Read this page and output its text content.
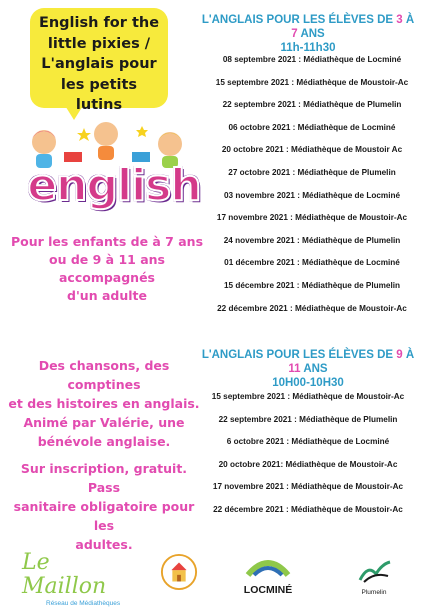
English for the
little pixies /
L'anglais pour
les petits lutins
english
Pour les enfants de à 7 ans
ou de 9 à 11 ans accompagnés
d'un adulte
Des chansons, des comptines
et des histoires en anglais.
Animé par Valérie, une
bénévole anglaise.
Sur inscription, gratuit. Pass
sanitaire obligatoire pour les
adultes.
L'ANGLAIS POUR LES ÉLÈVES DE 3 À 7 ANS
11h-11h30
08 septembre 2021 : Médiathèque de Locminé
15 septembre 2021 : Médiathèque de Moustoir-Ac
22 septembre 2021 : Médiathèque de Plumelin
06 octobre 2021 : Médiathèque de Locminé
20 octobre 2021 : Médiathèque de Moustoir Ac
27 octobre 2021 : Médiathèque de Plumelin
03 novembre 2021 : Médiathèque de Locminé
17 novembre 2021 : Médiathèque de Moustoir-Ac
24 novembre 2021 : Médiathèque de Plumelin
01 décembre 2021 : Médiathèque de Locminé
15 décembre 2021 : Médiathèque de Plumelin
22 décembre 2021 : Médiathèque de Moustoir-Ac
L'ANGLAIS POUR LES ÉLÈVES DE 9 À 11 ANS
10H00-10H30
15 septembre 2021 : Médiathèque de Moustoir-Ac
22 septembre 2021 : Médiathèque de Plumelin
6 octobre 2021 : Médiathèque de Locminé
20 octobre 2021: Médiathèque de Moustoir-Ac
17 novembre 2021 : Médiathèque de Moustoir-Ac
22 décembre 2021 : Médiathèque de Moustoir-Ac
Le Maillon
Réseau de Médiathèques
LOCMINÉ	Plumelin
